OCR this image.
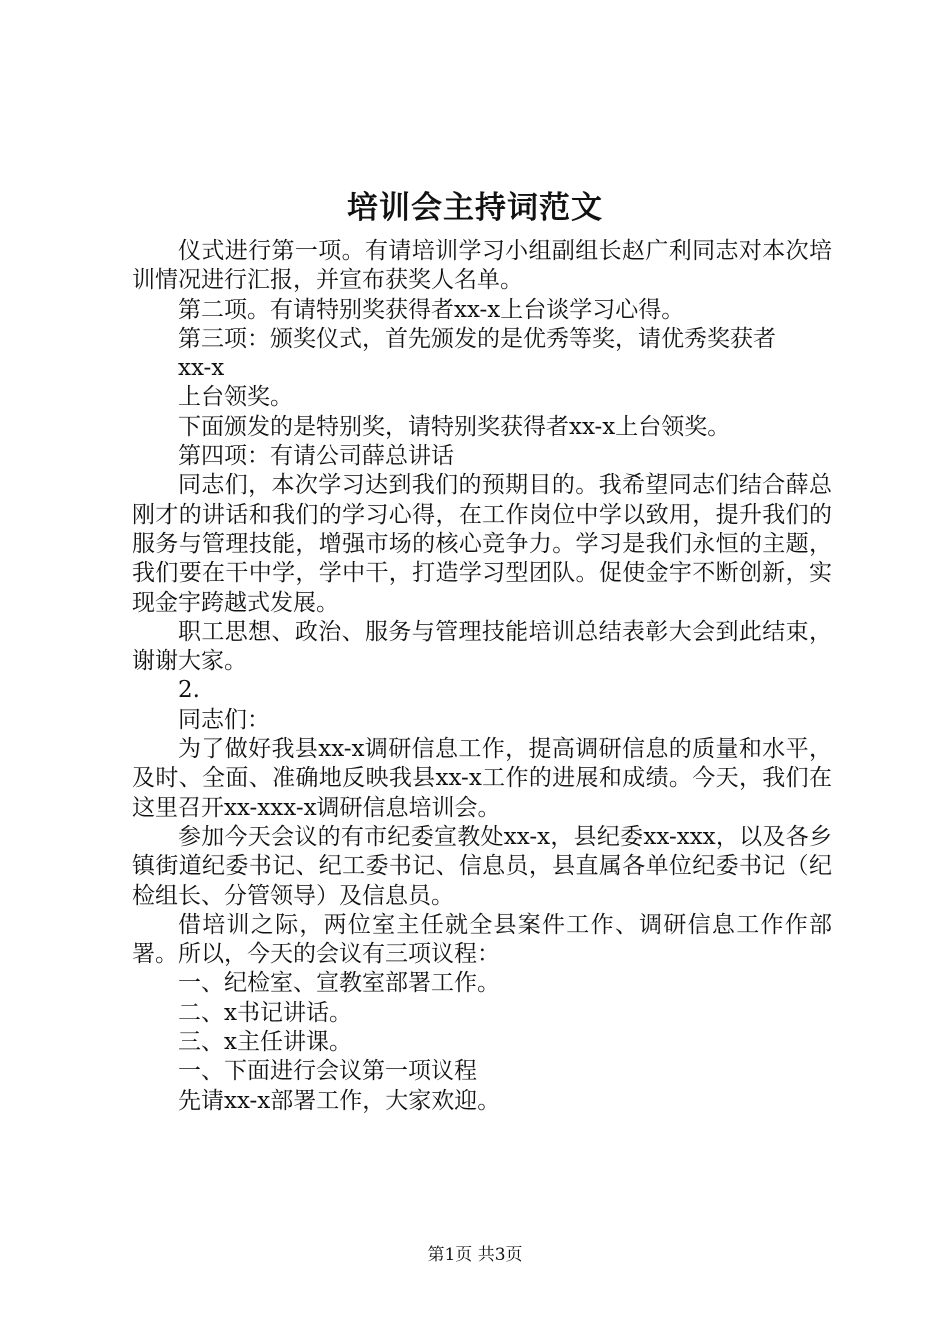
培训会主持词范文

仪式进行第一项。有请培训学习小组副组长赵广利同志对本次培训情况进行汇报，并宣布获奖人名单。

第二项。有请特别奖获得者xx-x上台谈学习心得。

第三项：颁奖仪式，首先颁发的是优秀等奖，请优秀奖获者

xx-x

上台领奖。

下面颁发的是特别奖，请特别奖获得者xx-x上台领奖。

第四项：有请公司薛总讲话

同志们，本次学习达到我们的预期目的。我希望同志们结合薛总刚才的讲话和我们的学习心得，在工作岗位中学以致用，提升我们的服务与管理技能，增强市场的核心竞争力。学习是我们永恒的主题，我们要在干中学，学中干，打造学习型团队。促使金宇不断创新，实现金宇跨越式发展。

职工思想、政治、服务与管理技能培训总结表彰大会到此结束，谢谢大家。

2.

同志们：

为了做好我县xx-x调研信息工作，提高调研信息的质量和水平，及时、全面、准确地反映我县xx-x工作的进展和成绩。今天，我们在这里召开xx-xxx-x调研信息培训会。

参加今天会议的有市纪委宣教处xx-x，县纪委xx-xxx，以及各乡镇街道纪委书记、纪工委书记、信息员，县直属各单位纪委书记（纪检组长、分管领导）及信息员。

借培训之际，两位室主任就全县案件工作、调研信息工作作部署。所以，今天的会议有三项议程：

一、纪检室、宣教室部署工作。

二、x书记讲话。

三、x主任讲课。

一、下面进行会议第一项议程

先请xx-x部署工作，大家欢迎。

第1页 共3页
